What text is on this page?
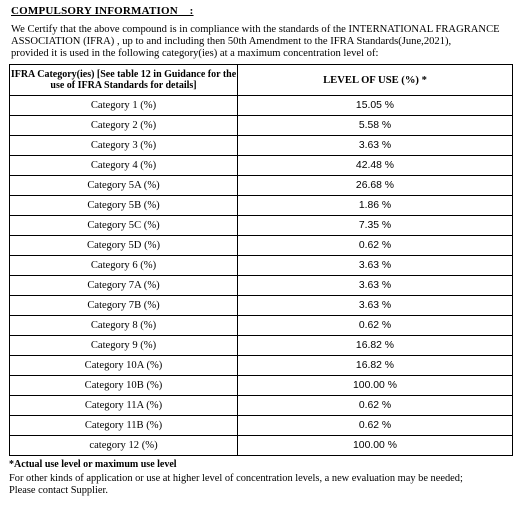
COMPULSORY INFORMATION    :
We Certify that the above compound is in compliance with the standards of the INTERNATIONAL FRAGRANCE
ASSOCIATION (IFRA) , up to and including then 50th Amendment to the IFRA Standards(June,2021),
provided it is used in the following category(ies) at a maximum concentration level of:
IFRA Category(ies) [See table 12 in Guidance for the
use of IFRA Standards for details]	LEVEL OF USE (%) *
Category 1 (%)	15.05 %
Category 2 (%)	5.58 %
Category 3 (%)	3.63 %
Category 4 (%)	42.48 %
Category 5A (%)	26.68 %
Category 5B (%)	1.86 %
Category 5C (%)	7.35 %
Category 5D (%)	0.62 %
Category 6 (%)	3.63 %
Category 7A (%)	3.63 %
Category 7B (%)	3.63 %
Category 8 (%)	0.62 %
Category 9 (%)	16.82 %
Category 10A (%)	16.82 %
Category 10B (%)	100.00 %
Category 11A (%)	0.62 %
Category 11B (%)	0.62 %
category 12 (%)	100.00 %
*Actual use level or maximum use level
For other kinds of application or use at higher level of concentration levels, a new evaluation may be needed;
Please contact Supplier.
